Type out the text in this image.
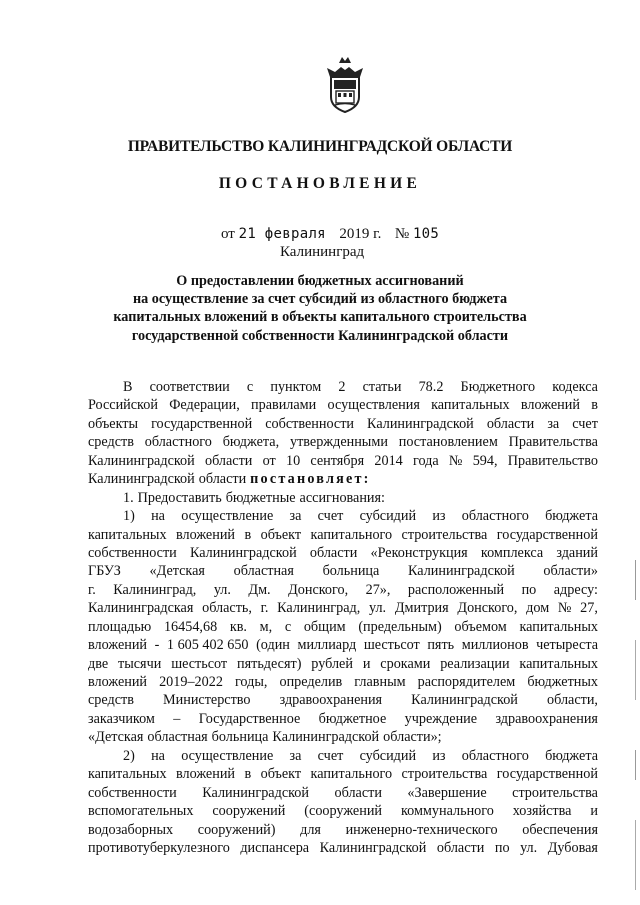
ПРАВИТЕЛЬСТВО КАЛИНИНГРАДСКОЙ ОБЛАСТИ
ПОСТАНОВЛЕНИЕ
от 21 февраля 2019 г. № 105
Калининград
О предоставлении бюджетных ассигнований
на осуществление за счет субсидий из областного бюджета
капитальных вложений в объекты капитального строительства
государственной собственности Калининградской области
В соответствии с пунктом 2 статьи 78.2 Бюджетного кодекса
Российской Федерации, правилами осуществления капитальных вложений в
объекты государственной собственности Калининградской области за счет
средств областного бюджета, утвержденными постановлением Правительства
Калининградской области от 10 сентября 2014 года № 594, Правительство
Калининградской области постановляет:
1. Предоставить бюджетные ассигнования:
1) на осуществление за счет субсидий из областного бюджета
капитальных вложений в объект капитального строительства государственной
собственности Калининградской области «Реконструкция комплекса зданий
ГБУЗ «Детская областная больница Калининградской области»
г. Калининград, ул. Дм. Донского, 27», расположенный по адресу:
Калининградская область, г. Калининград, ул. Дмитрия Донского, дом № 27,
площадью 16454,68 кв. м, с общим (предельным) объемом капитальных
вложений - 1 605 402 650 (один миллиард шестьсот пять миллионов четыреста
две тысячи шестьсот пятьдесят) рублей и сроками реализации капитальных
вложений 2019–2022 годы, определив главным распорядителем бюджетных
средств Министерство здравоохранения Калининградской области,
заказчиком – Государственное бюджетное учреждение здравоохранения
«Детская областная больница Калининградской области»;
2) на осуществление за счет субсидий из областного бюджета
капитальных вложений в объект капитального строительства государственной
собственности Калининградской области «Завершение строительства
вспомогательных сооружений (сооружений коммунального хозяйства и
водозаборных сооружений) для инженерно-технического обеспечения
противотуберкулезного диспансера Калининградской области по ул. Дубовая
